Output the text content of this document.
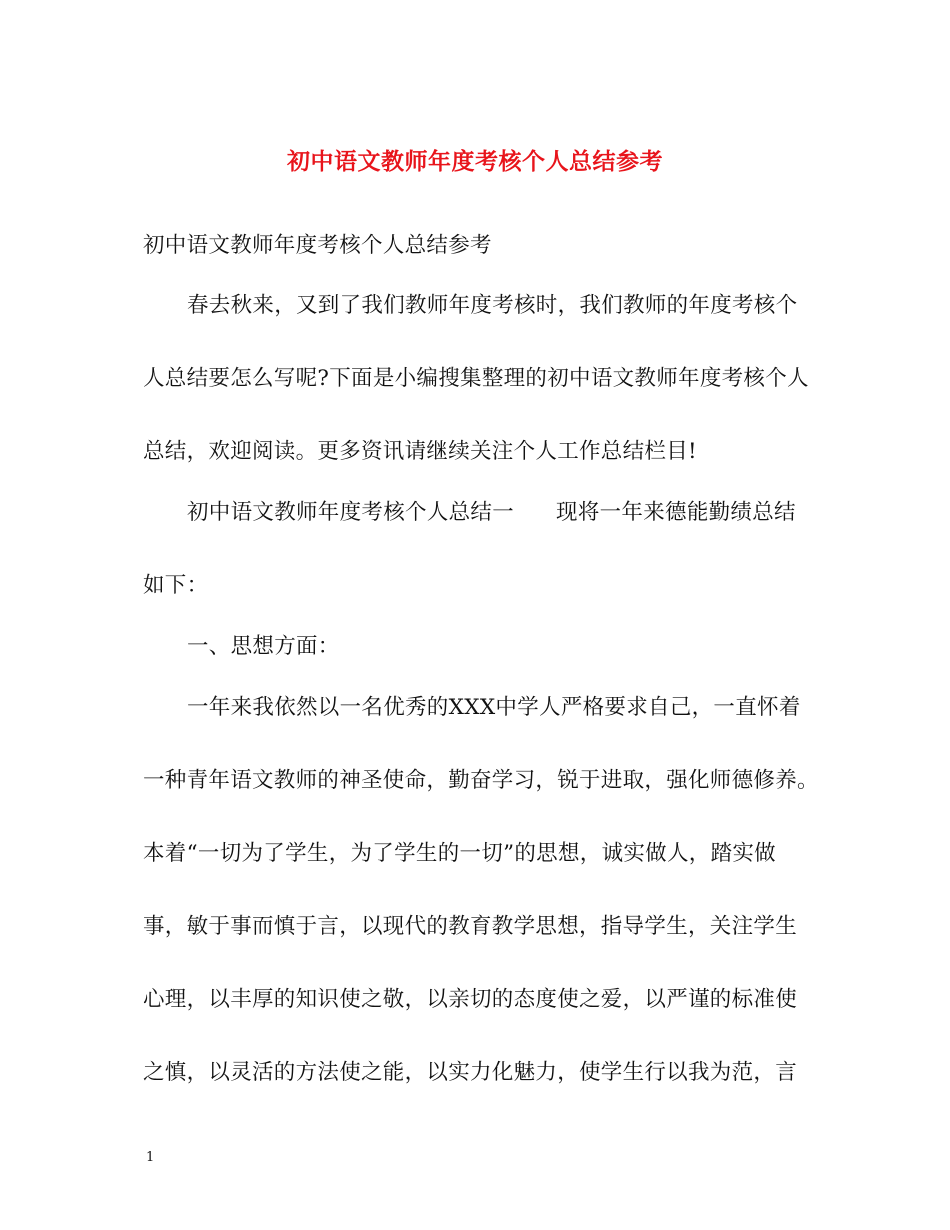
初中语文教师年度考核个人总结参考
初中语文教师年度考核个人总结参考
春去秋来，又到了我们教师年度考核时，我们教师的年度考核个
人总结要怎么写呢?下面是小编搜集整理的初中语文教师年度考核个人
总结，欢迎阅读。更多资讯请继续关注个人工作总结栏目!
初中语文教师年度考核个人总结一 现将一年来德能勤绩总结
如下：
一、思想方面：
一年来我依然以一名优秀的XXX中学人严格要求自己，一直怀着
一种青年语文教师的神圣使命，勤奋学习，锐于进取，强化师德修养。
本着“一切为了学生，为了学生的一切”的思想，诚实做人，踏实做
事，敏于事而慎于言，以现代的教育教学思想，指导学生，关注学生
心理，以丰厚的知识使之敬，以亲切的态度使之爱，以严谨的标准使
之慎，以灵活的方法使之能，以实力化魅力，使学生行以我为范，言
1
